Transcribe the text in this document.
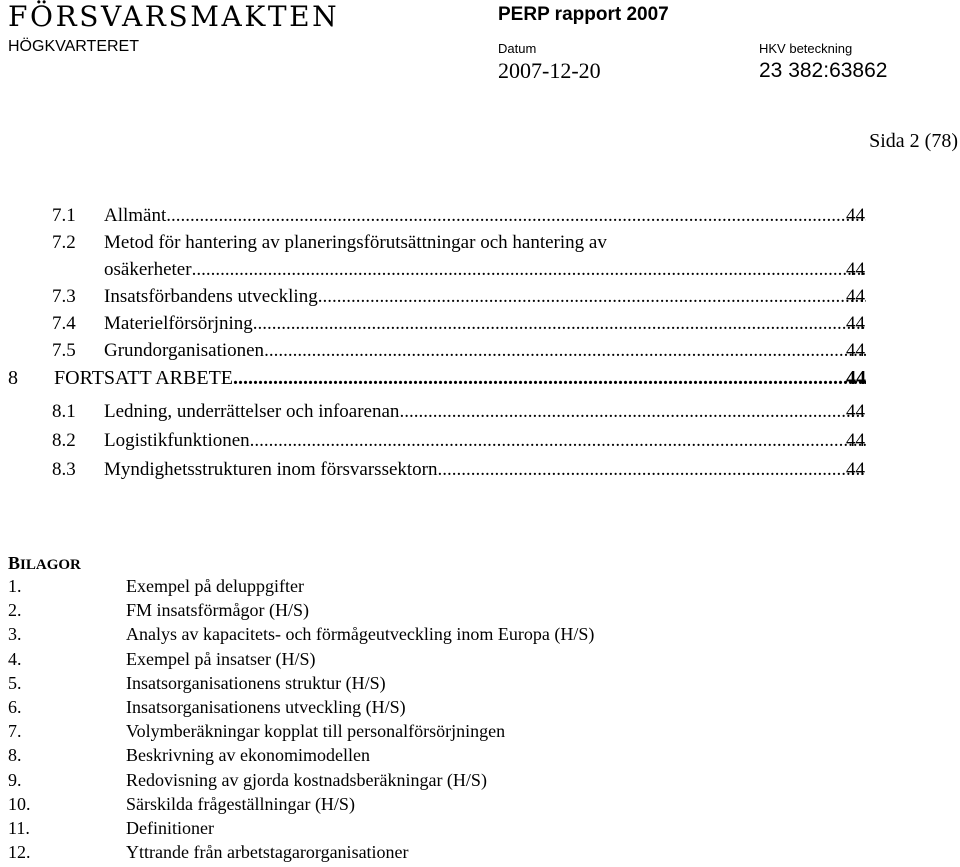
FÖRSVARSMAKTEN
HÖGKVARTERET
PERP rapport 2007
Datum
2007-12-20
HKV beteckning
23 382:63862
Sida 2 (78)
7.1 Allmänt .....	44
7.2 Metod för hantering av planeringsförutsättningar och hantering av
osäkerheter .....	44
7.3 Insatsförbandens utveckling .....	44
7.4 Materielförsörjning .....	44
7.5 Grundorganisationen .....	44
8 FORTSATT ARBETE .....	44
8.1 Ledning, underrättelser och infoarenan .....	44
8.2 Logistikfunktionen .....	44
8.3 Myndighetsstrukturen inom försvarssektorn .....	44
BILAGOR
1.	Exempel på deluppgifter
2.	FM insatsförmågor (H/S)
3.	Analys av kapacitets- och förmågeutveckling inom Europa (H/S)
4.	Exempel på insatser (H/S)
5.	Insatsorganisationens struktur (H/S)
6.	Insatsorganisationens utveckling (H/S)
7.	Volymberäkningar kopplat till personalförsörjningen
8.	Beskrivning av ekonomimodellen
9.	Redovisning av gjorda kostnadsberäkningar (H/S)
10.	Särskilda frågeställningar (H/S)
11.	Definitioner
12.	Yttrande från arbetstagarorganisationer
